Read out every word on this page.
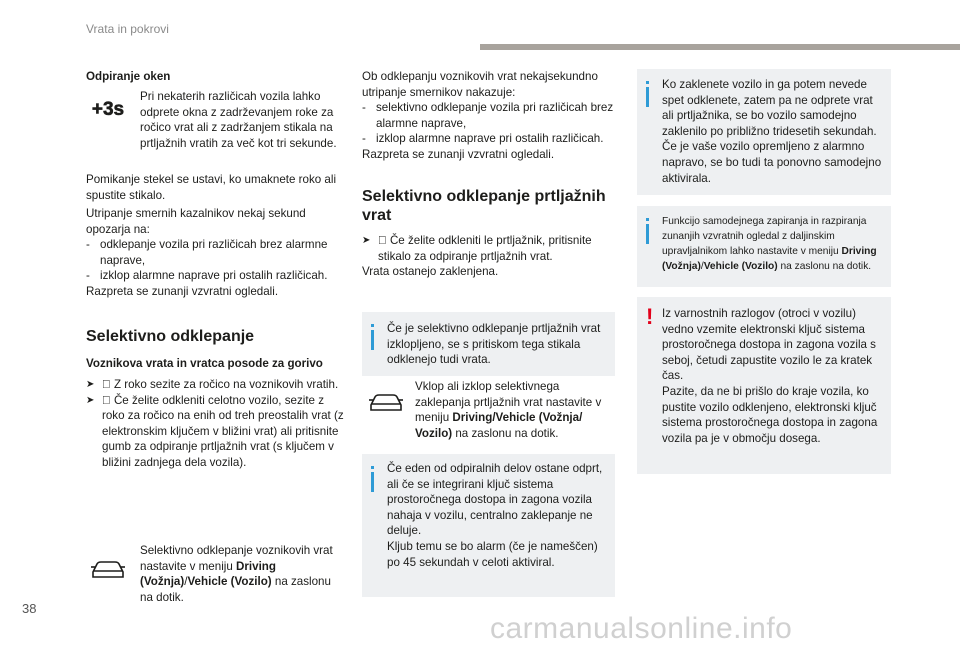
Vrata in pokrovi

Odpiranje oken

+3s

Pri nekaterih različicah vozila lahko odprete okna z zadrževanjem roke za ročico vrat ali z zadržanjem stikala na prtljažnih vratih za več kot tri sekunde.

Pomikanje stekel se ustavi, ko umaknete roko ali spustite stikalo.

Utripanje smernih kazalnikov nekaj sekund opozarja na:

- odklepanje vozila pri različicah brez alarmne naprave,
- izklop alarmne naprave pri ostalih različicah.

Razpreta se zunanji vzvratni ogledali.

Selektivno odklepanje

Voznikova vrata in vratca posode za gorivo

➤ Z roko sezite za ročico na voznikovih vratih.

➤ Če želite odkleniti celotno vozilo, sezite z roko za ročico na enih od treh preostalih vrat (z elektronskim ključem v bližini vrat) ali pritisnite gumb za odpiranje prtljažnih vrat (s ključem v bližini zadnjega dela vozila).

Selektivno odklepanje voznikovih vrat nastavite v meniju Driving (Vožnja)/Vehicle (Vozilo) na zaslonu na dotik.

Ob odklepanju voznikovih vrat nekajsekundno utripanje smernikov nakazuje:

- selektivno odklepanje vozila pri različicah brez alarmne naprave,
- izklop alarmne naprave pri ostalih različicah.

Razpreta se zunanji vzvratni ogledali.

Selektivno odklepanje prtljažnih vrat

➤ Če želite odkleniti le prtljažnik, pritisnite stikalo za odpiranje prtljažnih vrat.

Vrata ostanejo zaklenjena.

Če je selektivno odklepanje prtljažnih vrat izklopljeno, se s pritiskom tega stikala odklenejo tudi vrata.

Vklop ali izklop selektivnega zaklepanja prtljažnih vrat nastavite v meniju Driving/Vehicle (Vožnja/ Vozilo) na zaslonu na dotik.

Če eden od odpiralnih delov ostane odprt, ali če se integrirani ključ sistema prostoročnega dostopa in zagona vozila nahaja v vozilu, centralno zaklepanje ne deluje.

Kljub temu se bo alarm (če je nameščen) po 45 sekundah v celoti aktiviral.

Ko zaklenete vozilo in ga potem nevede spet odklenete, zatem pa ne odprete vrat ali prtljažnika, se bo vozilo samodejno zaklenilo po približno tridesetih sekundah. Če je vaše vozilo opremljeno z alarmno napravo, se bo tudi ta ponovno samodejno aktivirala.

Funkcijo samodejnega zapiranja in razpiranja zunanjih vzvratnih ogledal z daljinskim upravljalnikom lahko nastavite v meniju Driving (Vožnja)/Vehicle (Vozilo) na zaslonu na dotik.

! Iz varnostnih razlogov (otroci v vozilu) vedno vzemite elektronski ključ sistema prostoročnega dostopa in zagona vozila s seboj, četudi zapustite vozilo le za kratek čas.

Pazite, da ne bi prišlo do kraje vozila, ko pustite vozilo odklenjeno, elektronski ključ sistema prostoročnega dostopa in zagona vozila pa je v območju dosega.

38
carmanualsonline.info
